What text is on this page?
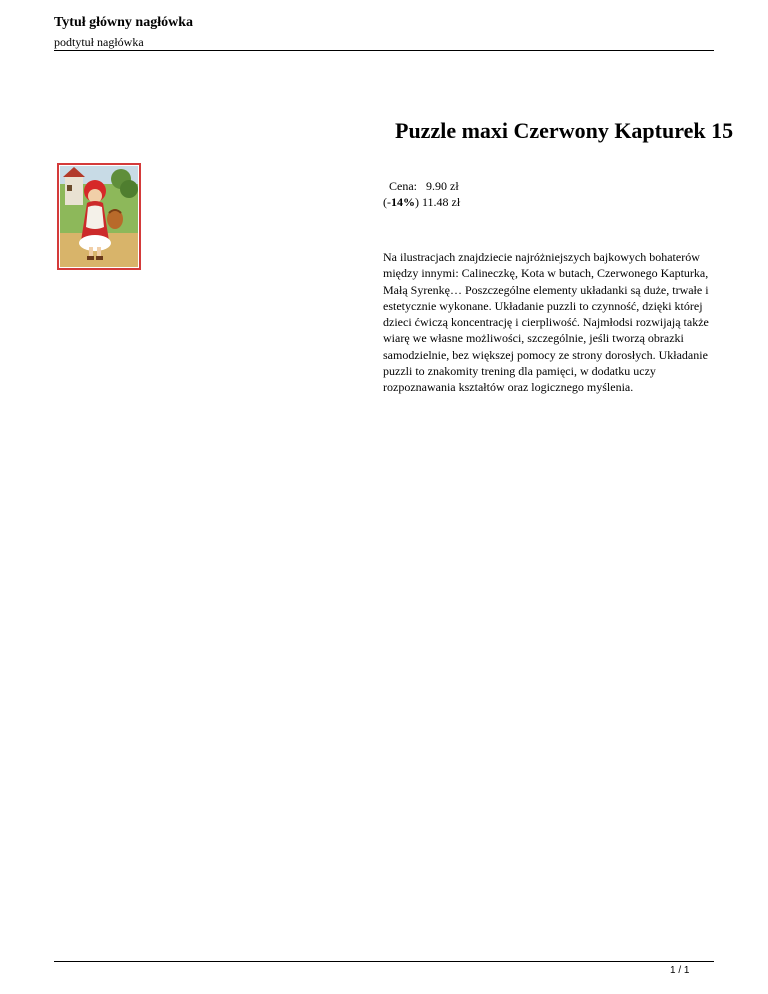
Tytuł główny nagłówka
podtytuł nagłówka
Puzzle maxi Czerwony Kapturek 15
Cena: 9.90 zł
(-14%) 11.48 zł
Na ilustracjach znajdziecie najróżniejszych bajkowych bohaterów między innymi: Calineczkę, Kota w butach, Czerwonego Kapturka, Małą Syrenkę… Poszczególne elementy układanki są duże, trwałe i estetycznie wykonane. Układanie puzzli to czynność, dzięki której dzieci ćwiczą koncentrację i cierpliwość. Najmłodsi rozwijają także wiarę we własne możliwości, szczególnie, jeśli tworzą obrazki samodzielnie, bez większej pomocy ze strony dorosłych. Układanie puzzli to znakomity trening dla pamięci, w dodatku uczy rozpoznawania kształtów oraz logicznego myślenia.
1 / 1
